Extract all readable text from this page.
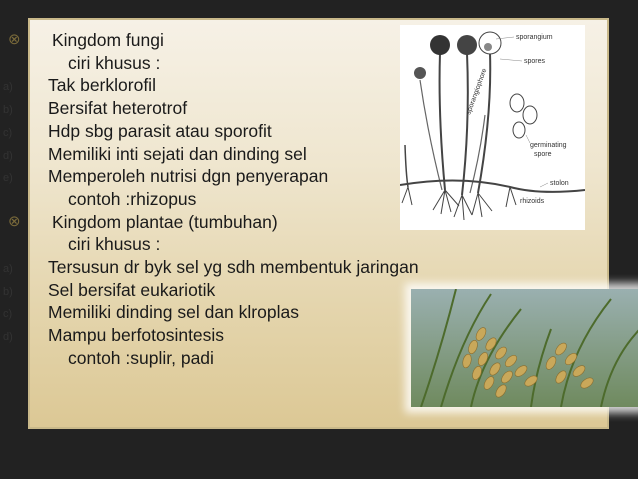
⊗ Kingdom fungi
ciri khusus :
a) Tak berklorofil
b) Bersifat heterotrof
c) Hdp sbg parasit atau sporofit
d) Memiliki inti sejati dan dinding sel
e) Memperoleh nutrisi dgn penyerapan
contoh :rhizopus
⊗ Kingdom plantae (tumbuhan)
ciri khusus :
a) Tersusun dr byk sel yg sdh membentuk jaringan
b) Sel bersifat eukariotik
c) Memiliki dinding sel dan klroplas
d) Mampu berfotosintesis
contoh :suplir, padi
sporangium
spores
sporangiophore
germinating
spore
stolon
rhizoids
